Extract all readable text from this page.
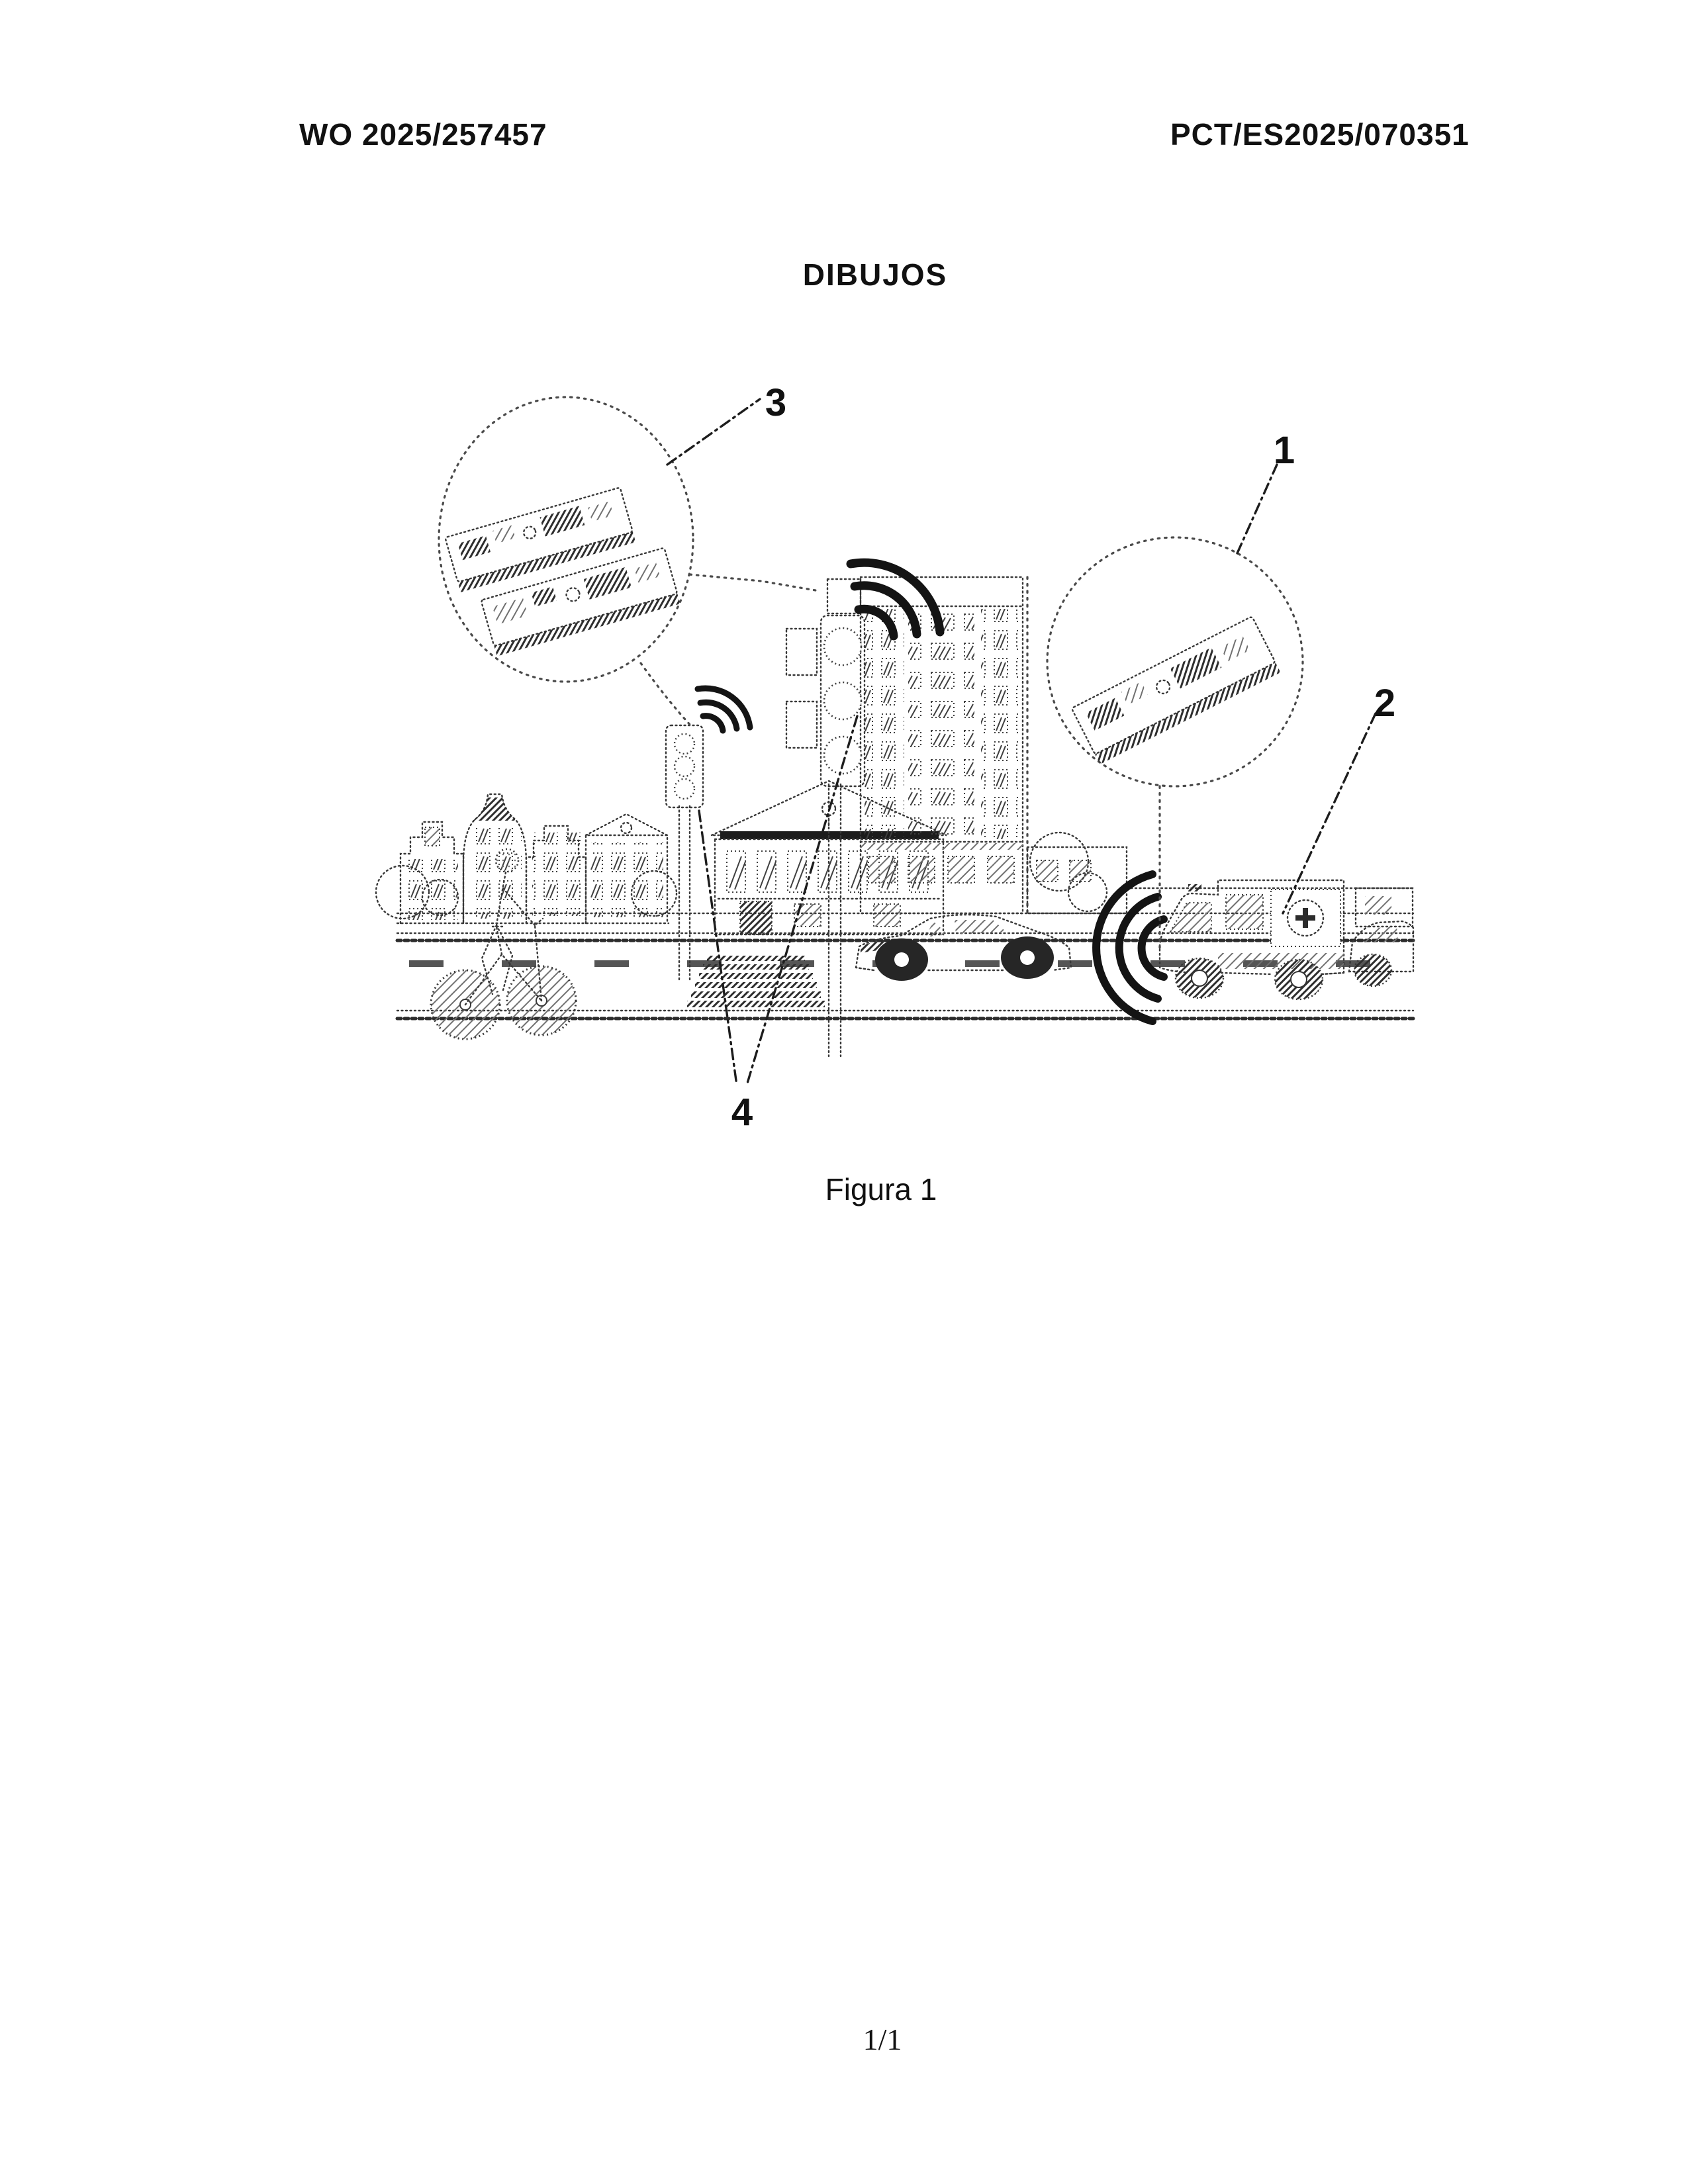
WO 2025/257457	PCT/ES2025/070351
DIBUJOS
3
1
2
4
Figura 1
1/1
